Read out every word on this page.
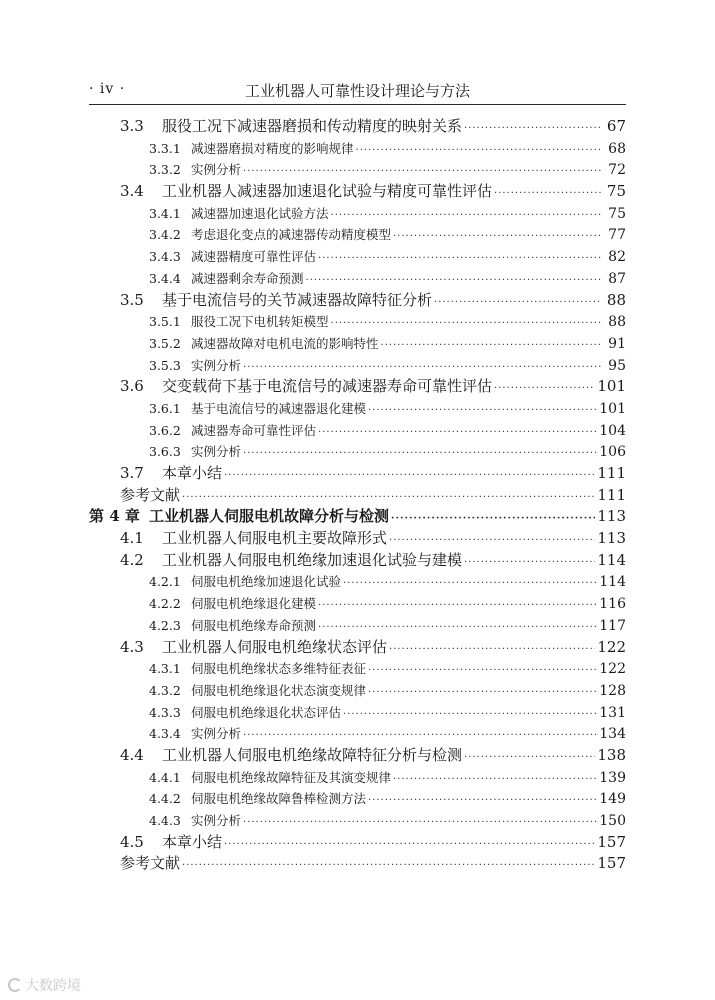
· iv ·	工业机器人可靠性设计理论与方法
3.3	服役工况下减速器磨损和传动精度的映射关系 ·····	67
3.3.1 减速器磨损对精度的影响规律 ·····	68
3.3.2 实例分析 ·····	72
3.4	工业机器人减速器加速退化试验与精度可靠性评估 ·····	75
3.4.1 减速器加速退化试验方法 ·····	75
3.4.2 考虑退化变点的减速器传动精度模型 ·····	77
3.4.3 减速器精度可靠性评估 ·····	82
3.4.4 减速器剩余寿命预测 ·····	87
3.5	基于电流信号的关节减速器故障特征分析 ·····	88
3.5.1 服役工况下电机转矩模型 ·····	88
3.5.2 减速器故障对电机电流的影响特性 ·····	91
3.5.3 实例分析 ·····	95
3.6	交变载荷下基于电流信号的减速器寿命可靠性评估 ·····	101
3.6.1 基于电流信号的减速器退化建模 ·····	101
3.6.2 减速器寿命可靠性评估 ·····	104
3.6.3 实例分析 ·····	106
3.7	本章小结 ·····	111
参考文献 ·····	111
第 4 章 工业机器人伺服电机故障分析与检测 ·····	113
4.1	工业机器人伺服电机主要故障形式 ·····	113
4.2	工业机器人伺服电机绝缘加速退化试验与建模 ·····	114
4.2.1 伺服电机绝缘加速退化试验 ·····	114
4.2.2 伺服电机绝缘退化建模 ·····	116
4.2.3 伺服电机绝缘寿命预测 ·····	117
4.3	工业机器人伺服电机绝缘状态评估 ·····	122
4.3.1 伺服电机绝缘状态多维特征表征 ·····	122
4.3.2 伺服电机绝缘退化状态演变规律 ·····	128
4.3.3 伺服电机绝缘退化状态评估 ·····	131
4.3.4 实例分析 ·····	134
4.4	工业机器人伺服电机绝缘故障特征分析与检测 ·····	138
4.4.1 伺服电机绝缘故障特征及其演变规律 ·····	139
4.4.2 伺服电机绝缘故障鲁棒检测方法 ·····	149
4.4.3 实例分析 ·····	150
4.5	本章小结 ·····	157
参考文献 ·····	157
大数跨境
